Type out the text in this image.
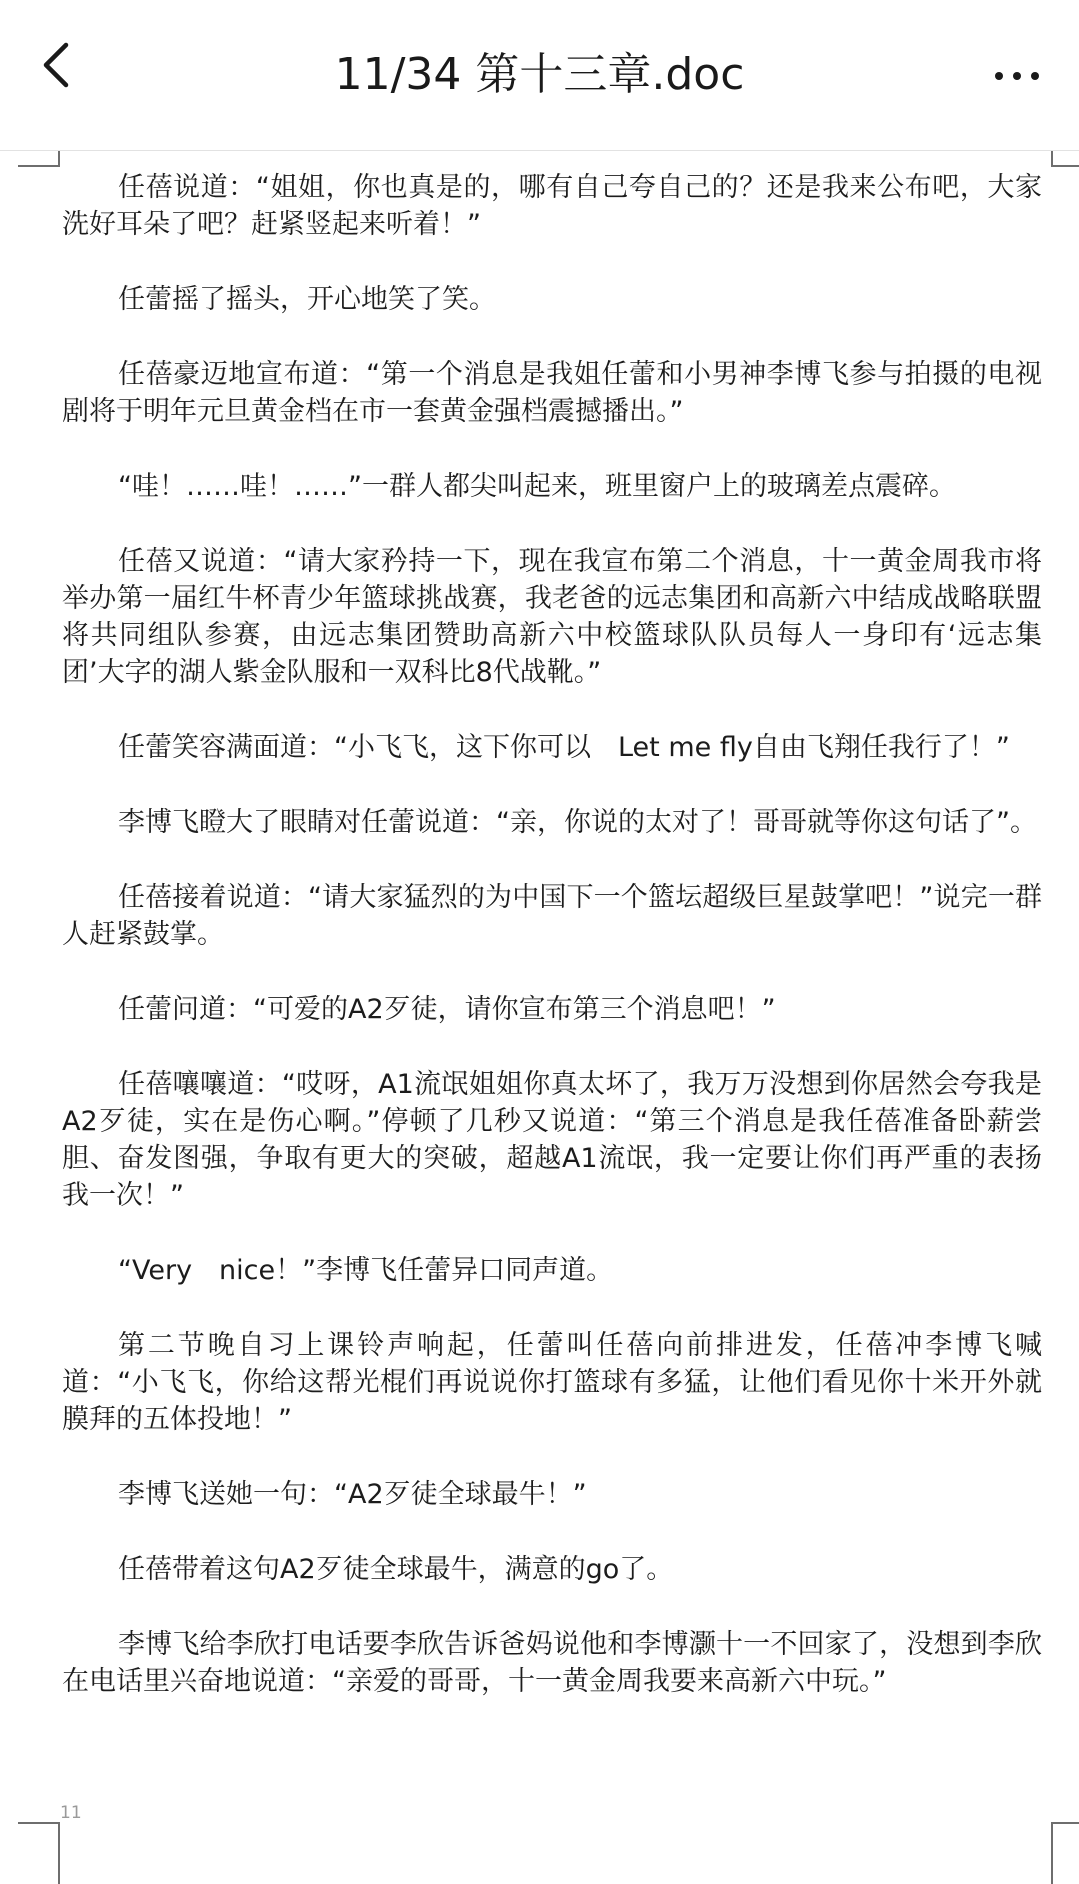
11/34 第十三章.doc

任蓓说道：“姐姐，你也真是的，哪有自己夸自己的？还是我来公布吧，大家洗好耳朵了吧？赶紧竖起来听着！”

任蕾摇了摇头，开心地笑了笑。

任蓓豪迈地宣布道：“第一个消息是我姐任蕾和小男神李博飞参与拍摄的电视剧将于明年元旦黄金档在市一套黄金强档震撼播出。”

“哇！……哇！……”一群人都尖叫起来，班里窗户上的玻璃差点震碎。

任蓓又说道：“请大家矜持一下，现在我宣布第二个消息，十一黄金周我市将举办第一届红牛杯青少年篮球挑战赛，我老爸的远志集团和高新六中结成战略联盟将共同组队参赛，由远志集团赞助高新六中校篮球队队员每人一身印有‘远志集团’大字的湖人紫金队服和一双科比8代战靴。”

任蕾笑容满面道：“小飞飞，这下你可以　Let me fly自由飞翔任我行了！”

李博飞瞪大了眼睛对任蕾说道：“亲，你说的太对了！哥哥就等你这句话了”。

任蓓接着说道：“请大家猛烈的为中国下一个篮坛超级巨星鼓掌吧！”说完一群人赶紧鼓掌。

任蕾问道：“可爱的A2歹徒，请你宣布第三个消息吧！”

任蓓嚷嚷道：“哎呀，A1流氓姐姐你真太坏了，我万万没想到你居然会夸我是A2歹徒，实在是伤心啊。”停顿了几秒又说道：“第三个消息是我任蓓准备卧薪尝胆、奋发图强，争取有更大的突破，超越A1流氓，我一定要让你们再严重的表扬我一次！”

“Very　nice！”李博飞任蕾异口同声道。

第二节晚自习上课铃声响起，任蕾叫任蓓向前排进发，任蓓冲李博飞喊道：“小飞飞，你给这帮光棍们再说说你打篮球有多猛，让他们看见你十米开外就膜拜的五体投地！”

李博飞送她一句：“A2歹徒全球最牛！”

任蓓带着这句A2歹徒全球最牛，满意的go了。

李博飞给李欣打电话要李欣告诉爸妈说他和李博灏十一不回家了，没想到李欣在电话里兴奋地说道：“亲爱的哥哥，十一黄金周我要来高新六中玩。”

11
